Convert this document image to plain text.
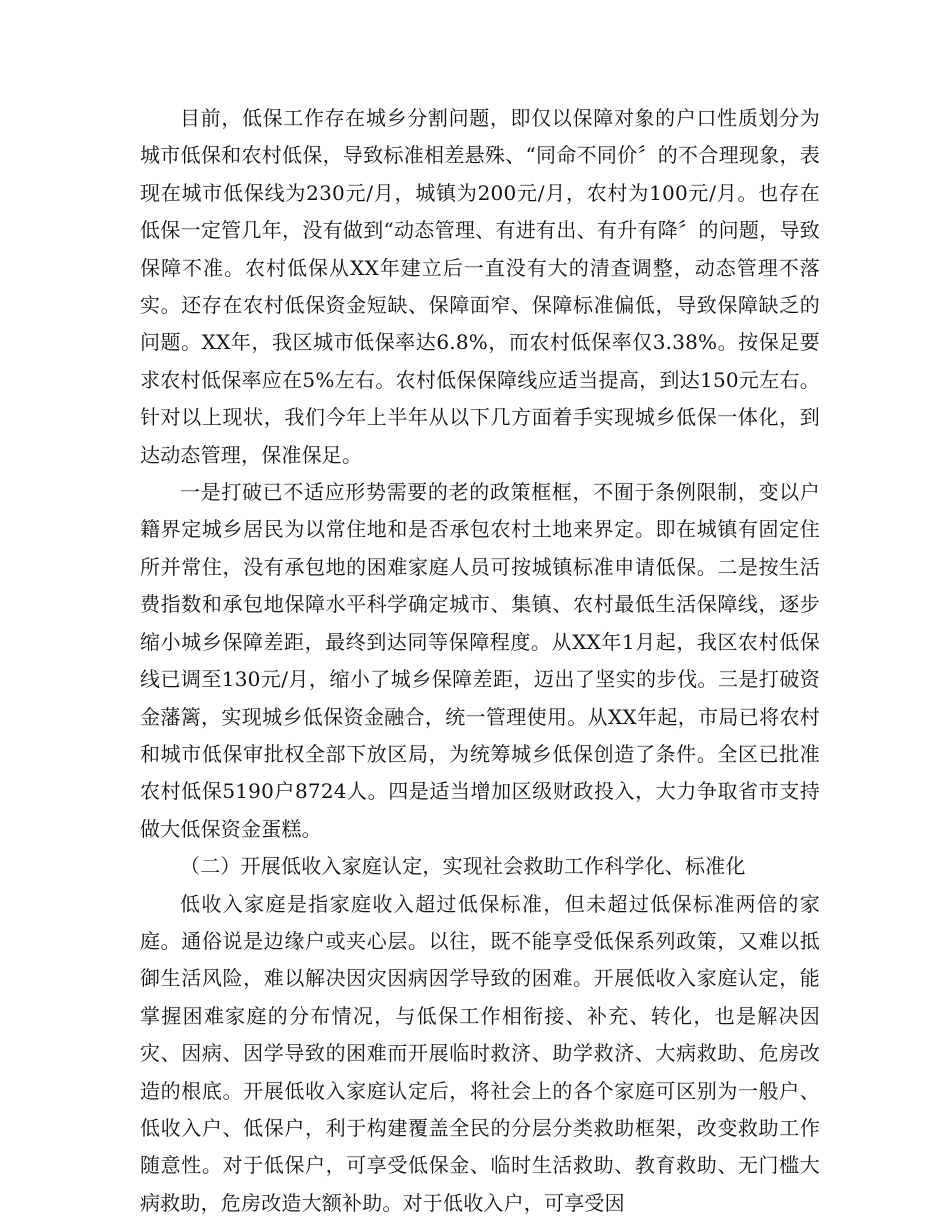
目前，低保工作存在城乡分割问题，即仅以保障对象的户口性质划分为城市低保和农村低保，导致标准相差悬殊、“同命不同价〞的不合理现象，表现在城市低保线为230元/月，城镇为200元/月，农村为100元/月。也存在低保一定管几年，没有做到“动态管理、有进有出、有升有降〞的问题，导致保障不准。农村低保从XX年建立后一直没有大的清查调整，动态管理不落实。还存在农村低保资金短缺、保障面窄、保障标准偏低，导致保障缺乏的问题。XX年，我区城市低保率达6.8%，而农村低保率仅3.38%。按保足要求农村低保率应在5%左右。农村低保保障线应适当提高，到达150元左右。针对以上现状，我们今年上半年从以下几方面着手实现城乡低保一体化，到达动态管理，保准保足。

一是打破已不适应形势需要的老的政策框框，不囿于条例限制，变以户籍界定城乡居民为以常住地和是否承包农村土地来界定。即在城镇有固定住所并常住，没有承包地的困难家庭人员可按城镇标准申请低保。二是按生活费指数和承包地保障水平科学确定城市、集镇、农村最低生活保障线，逐步缩小城乡保障差距，最终到达同等保障程度。从XX年1月起，我区农村低保线已调至130元/月，缩小了城乡保障差距，迈出了坚实的步伐。三是打破资金藩篱，实现城乡低保资金融合，统一管理使用。从XX年起，市局已将农村和城市低保审批权全部下放区局，为统筹城乡低保创造了条件。全区已批准农村低保5190户8724人。四是适当增加区级财政投入，大力争取省市支持做大低保资金蛋糕。

（二）开展低收入家庭认定，实现社会救助工作科学化、标准化

低收入家庭是指家庭收入超过低保标准，但未超过低保标准两倍的家庭。通俗说是边缘户或夹心层。以往，既不能享受低保系列政策，又难以抵御生活风险，难以解决因灾因病因学导致的困难。开展低收入家庭认定，能掌握困难家庭的分布情况，与低保工作相衔接、补充、转化，也是解决因灾、因病、因学导致的困难而开展临时救济、助学救济、大病救助、危房改造的根底。开展低收入家庭认定后，将社会上的各个家庭可区别为一般户、低收入户、低保户，利于构建覆盖全民的分层分类救助框架，改变救助工作随意性。对于低保户，可享受低保金、临时生活救助、教育救助、无门槛大病救助，危房改造大额补助。对于低收入户，可享受因
